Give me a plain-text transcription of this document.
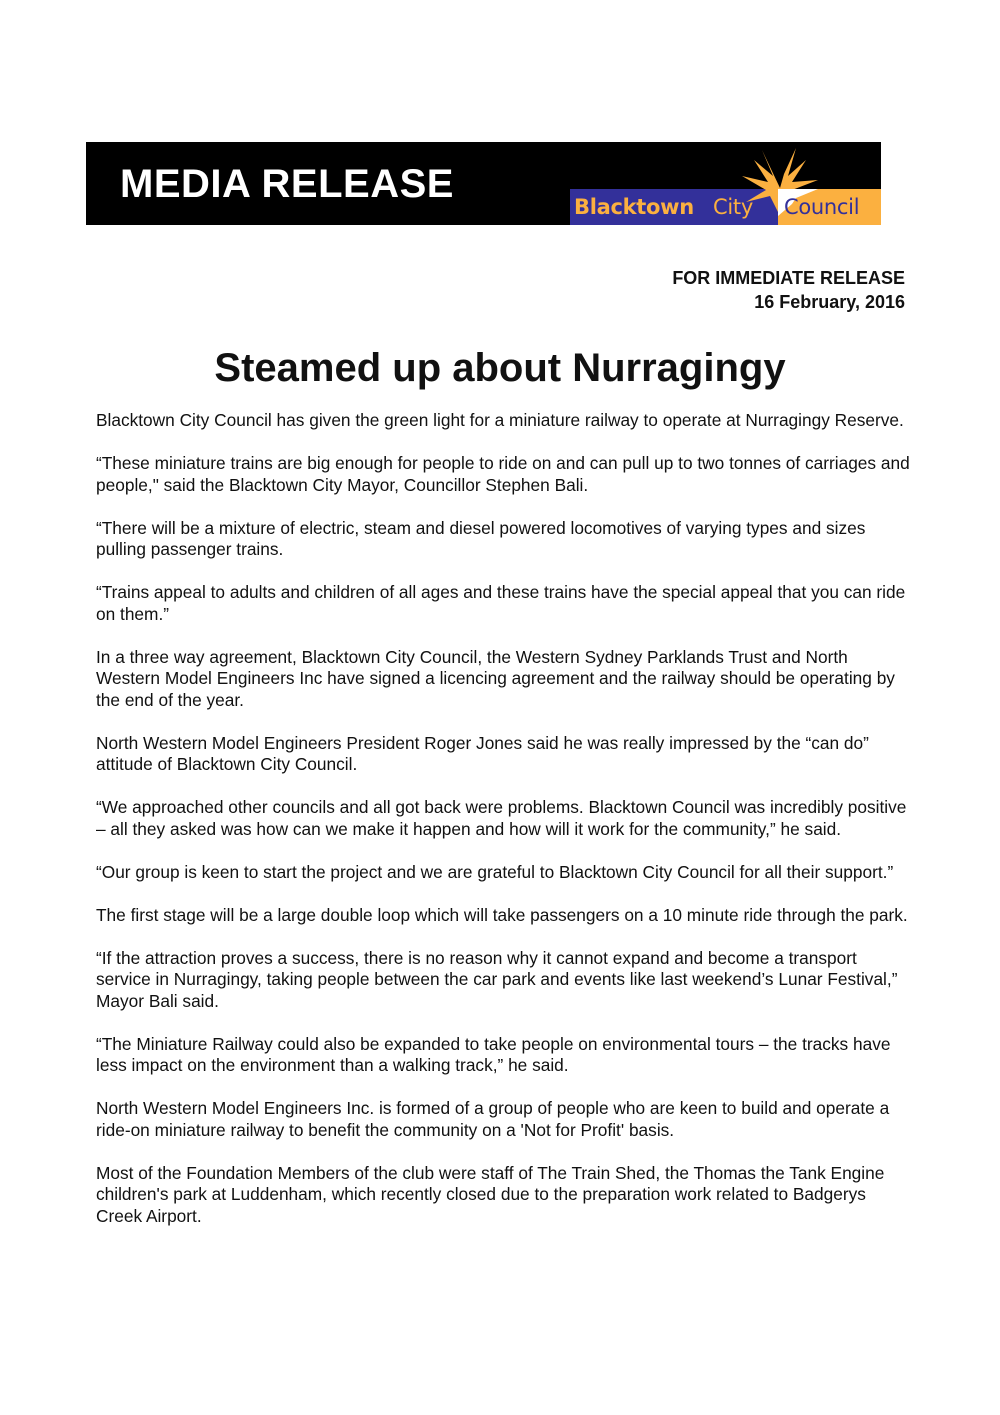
MEDIA RELEASE
Blacktown City Council
FOR IMMEDIATE RELEASE
16 February, 2016
Steamed up about Nurragingy

Blacktown City Council has given the green light for a miniature railway to operate at Nurragingy Reserve.

“These miniature trains are big enough for people to ride on and can pull up to two tonnes of carriages and people," said the Blacktown City Mayor, Councillor Stephen Bali.

“There will be a mixture of electric, steam and diesel powered locomotives of varying types and sizes pulling passenger trains.

“Trains appeal to adults and children of all ages and these trains have the special appeal that you can ride on them.”

In a three way agreement, Blacktown City Council, the Western Sydney Parklands Trust and North Western Model Engineers Inc have signed a licencing agreement and the railway should be operating by the end of the year.

North Western Model Engineers President Roger Jones said he was really impressed by the “can do” attitude of Blacktown City Council.

“We approached other councils and all got back were problems. Blacktown Council was incredibly positive – all they asked was how can we make it happen and how will it work for the community,” he said.

“Our group is keen to start the project and we are grateful to Blacktown City Council for all their support.”

The first stage will be a large double loop which will take passengers on a 10 minute ride through the park.

“If the attraction proves a success, there is no reason why it cannot expand and become a transport service in Nurragingy, taking people between the car park and events like last weekend’s Lunar Festival,” Mayor Bali said.

“The Miniature Railway could also be expanded to take people on environmental tours – the tracks have less impact on the environment than a walking track,” he said.

North Western Model Engineers Inc. is formed of a group of people who are keen to build and operate a ride-on miniature railway to benefit the community on a 'Not for Profit' basis.

Most of the Foundation Members of the club were staff of The Train Shed, the Thomas the Tank Engine children's park at Luddenham, which recently closed due to the preparation work related to Badgerys Creek Airport.
